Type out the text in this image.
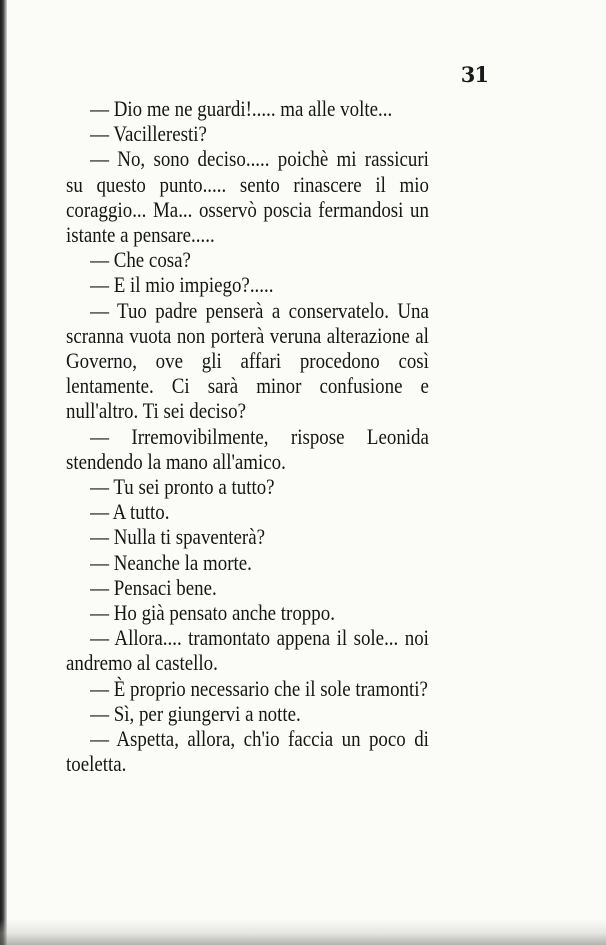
31

— Dio me ne guardi!..... ma alle volte...

— Vacilleresti?

— No, sono deciso..... poichè mi rassicuri su questo punto..... sento rinascere il mio coraggio... Ma... osservò poscia fermandosi un istante a pensare.....

— Che cosa?

— E il mio impiego?.....

— Tuo padre penserà a conservatelo. Una scranna vuota non porterà veruna alterazione al Governo, ove gli affari procedono così lentamente. Ci sarà minor confusione e null'altro. Ti sei deciso?

— Irremovibilmente, rispose Leonida stendendo la mano all'amico.

— Tu sei pronto a tutto?

— A tutto.

— Nulla ti spaventerà?

— Neanche la morte.

— Pensaci bene.

— Ho già pensato anche troppo.

— Allora.... tramontato appena il sole... noi andremo al castello.

— È proprio necessario che il sole tramonti?

— Sì, per giungervi a notte.

— Aspetta, allora, ch'io faccia un poco di toeletta.
